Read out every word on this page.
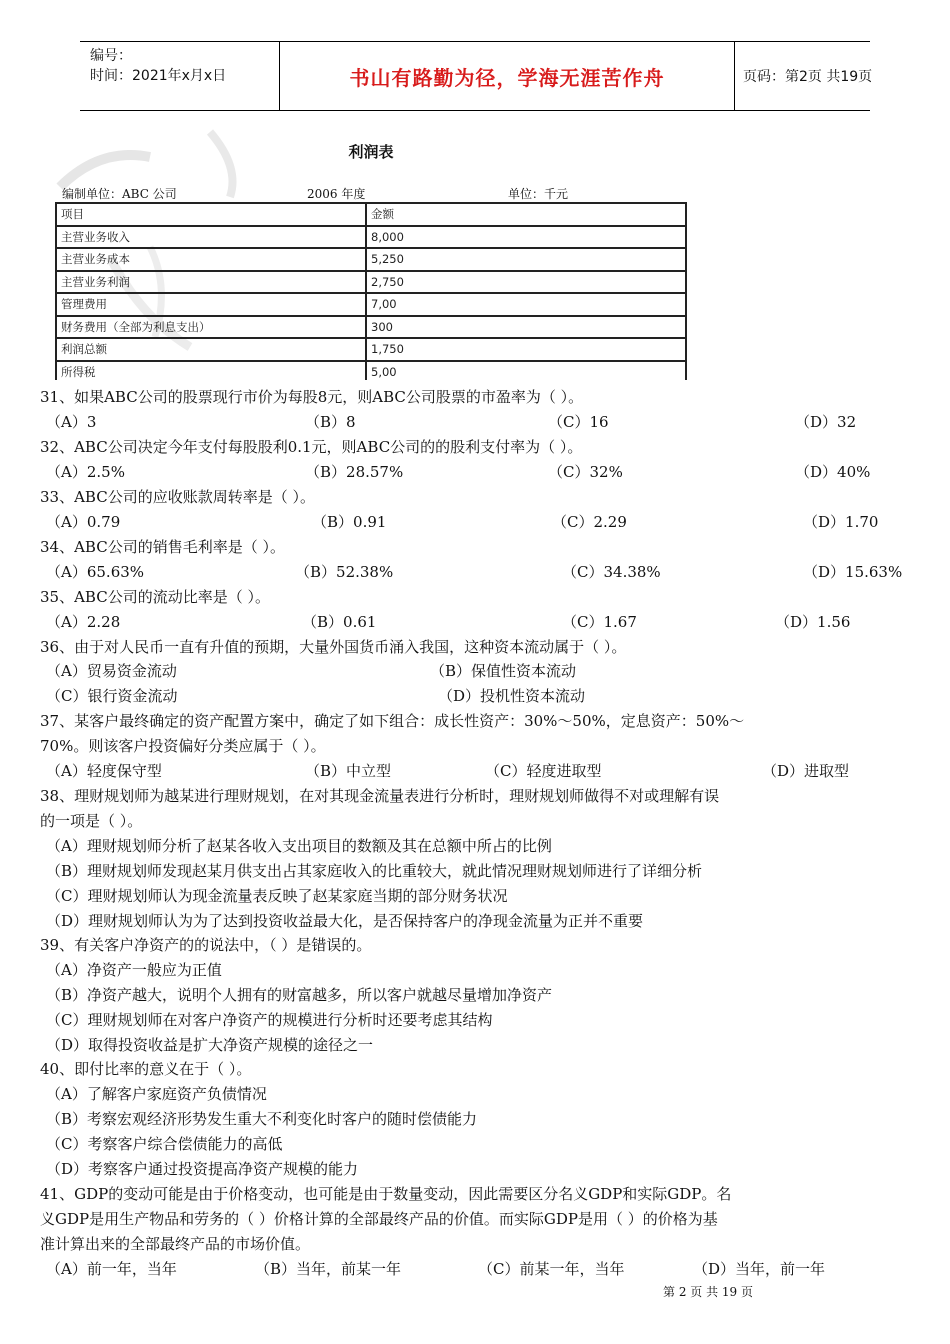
编号：
时间：2021年x月x日	书山有路勤为径，学海无涯苦作舟	页码：第2页 共19页
利润表
编制单位：ABC 公司	2006 年度	单位：千元
项目	金额
主营业务收入	8,000
主营业务成本	5,250
主营业务利润	2,750
管理费用	7,00
财务费用（全部为利息支出）	300
利润总额	1,750
所得税	5,00
31、如果ABC公司的股票现行市价为每股8元，则ABC公司股票的市盈率为（ ）。
（A）3	（B）8	（C）16	（D）32
32、ABC公司决定今年支付每股股利0.1元，则ABC公司的的股利支付率为（ ）。
（A）2.5%	（B）28.57%	（C）32%	（D）40%
33、ABC公司的应收账款周转率是（ ）。
（A）0.79	（B）0.91	（C）2.29	（D）1.70
34、ABC公司的销售毛利率是（ ）。
（A）65.63%	（B）52.38%	（C）34.38%	（D）15.63%
35、ABC公司的流动比率是（ ）。
（A）2.28	（B）0.61	（C）1.67	（D）1.56
36、由于对人民币一直有升值的预期，大量外国货币涌入我国，这种资本流动属于（ ）。
（A）贸易资金流动	（B）保值性资本流动
（C）银行资金流动	（D）投机性资本流动
37、某客户最终确定的资产配置方案中，确定了如下组合：成长性资产：30%～50%，定息资产：50%～
70%。则该客户投资偏好分类应属于（ ）。
（A）轻度保守型	（B）中立型	（C）轻度进取型	（D）进取型
38、理财规划师为越某进行理财规划，在对其现金流量表进行分析时，理财规划师做得不对或理解有误
的一项是（ ）。
（A）理财规划师分析了赵某各收入支出项目的数额及其在总额中所占的比例
（B）理财规划师发现赵某月供支出占其家庭收入的比重较大，就此情况理财规划师进行了详细分析
（C）理财规划师认为现金流量表反映了赵某家庭当期的部分财务状况
（D）理财规划师认为为了达到投资收益最大化，是否保持客户的净现金流量为正并不重要
39、有关客户净资产的的说法中，（ ）是错误的。
（A）净资产一般应为正值
（B）净资产越大，说明个人拥有的财富越多，所以客户就越尽量增加净资产
（C）理财规划师在对客户净资产的规模进行分析时还要考虑其结构
（D）取得投资收益是扩大净资产规模的途径之一
40、即付比率的意义在于（ ）。
（A）了解客户家庭资产负债情况
（B）考察宏观经济形势发生重大不利变化时客户的随时偿债能力
（C）考察客户综合偿债能力的高低
（D）考察客户通过投资提高净资产规模的能力
41、GDP的变动可能是由于价格变动，也可能是由于数量变动，因此需要区分名义GDP和实际GDP。名
义GDP是用生产物品和劳务的（ ）价格计算的全部最终产品的价值。而实际GDP是用（ ）的价格为基
准计算出来的全部最终产品的市场价值。
（A）前一年，当年	（B）当年，前某一年	（C）前某一年，当年	（D）当年，前一年
第 2 页 共 19 页
